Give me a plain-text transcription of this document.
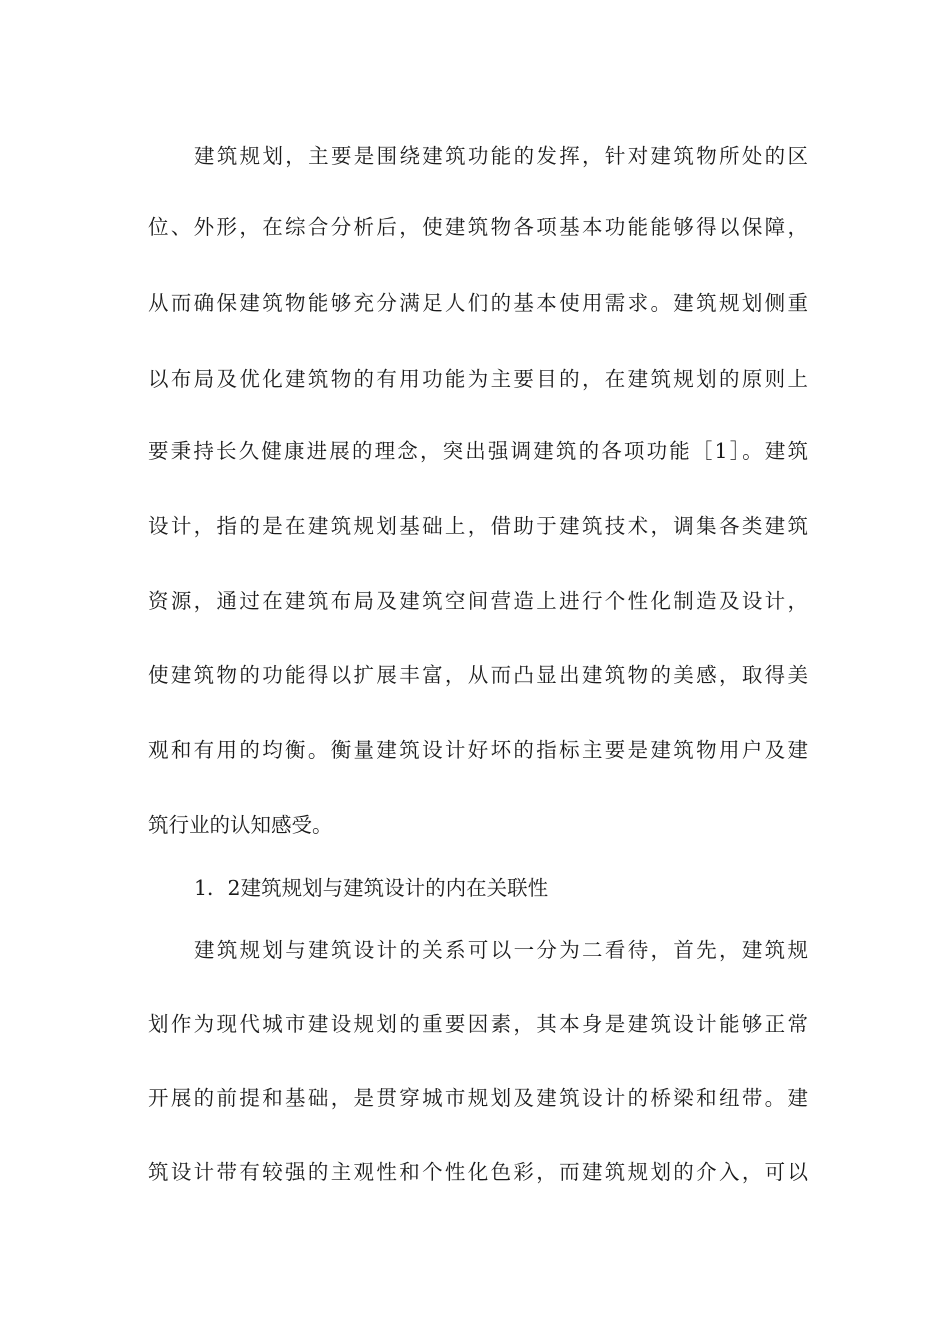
建筑规划，主要是围绕建筑功能的发挥，针对建筑物所处的区
位、外形，在综合分析后，使建筑物各项基本功能能够得以保障，
从而确保建筑物能够充分满足人们的基本使用需求。建筑规划侧重
以布局及优化建筑物的有用功能为主要目的，在建筑规划的原则上
要秉持长久健康进展的理念，突出强调建筑的各项功能［1］。建筑
设计，指的是在建筑规划基础上，借助于建筑技术，调集各类建筑
资源，通过在建筑布局及建筑空间营造上进行个性化制造及设计，
使建筑物的功能得以扩展丰富，从而凸显出建筑物的美感，取得美
观和有用的均衡。衡量建筑设计好坏的指标主要是建筑物用户及建
筑行业的认知感受。
1．2建筑规划与建筑设计的内在关联性
建筑规划与建筑设计的关系可以一分为二看待，首先，建筑规
划作为现代城市建设规划的重要因素，其本身是建筑设计能够正常
开展的前提和基础，是贯穿城市规划及建筑设计的桥梁和纽带。建
筑设计带有较强的主观性和个性化色彩，而建筑规划的介入，可以
